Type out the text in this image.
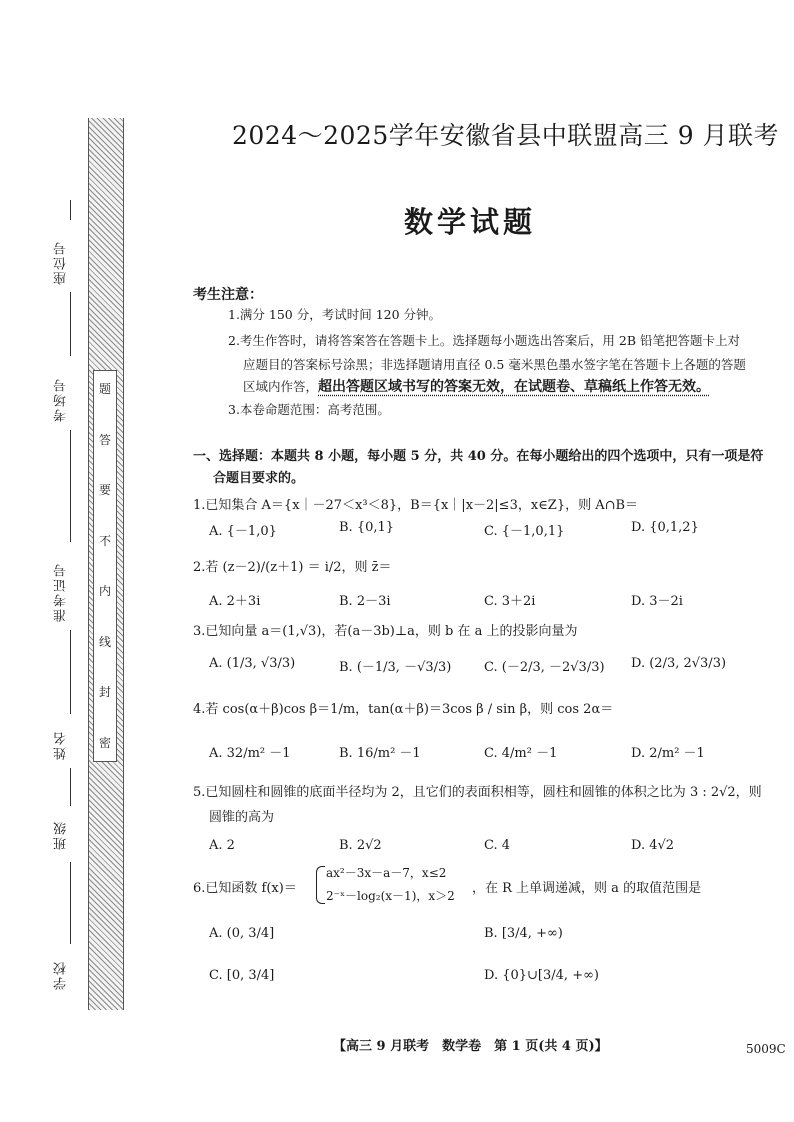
座位号
考场号
准考证号
姓名
班级
学校
题
答
要
不
内
线
封
密
2024～2025学年安徽省县中联盟高三 9 月联考
数学试题
考生注意：
1.满分 150 分，考试时间 120 分钟。
2.考生作答时，请将答案答在答题卡上。选择题每小题选出答案后，用 2B 铅笔把答题卡上对
应题目的答案标号涂黑；非选择题请用直径 0.5 毫米黑色墨水签字笔在答题卡上各题的答题
区域内作答，超出答题区域书写的答案无效，在试题卷、草稿纸上作答无效。
3.本卷命题范围：高考范围。
一、选择题：本题共 8 小题，每小题 5 分，共 40 分。在每小题给出的四个选项中，只有一项是符
合题目要求的。
1.已知集合 A＝{x｜－27＜x³＜8}，B＝{x｜|x－2|≤3，x∈Z}，则 A∩B＝
A. {－1,0}	B. {0,1}	C. {－1,0,1}	D. {0,1,2}
2.若 (z－2)/(z＋1) ＝ i/2，则 z̄＝
A. 2＋3i	B. 2－3i	C. 3＋2i	D. 3－2i
3.已知向量 a＝(1,√3)，若(a－3b)⊥a，则 b 在 a 上的投影向量为
A. (1/3, √3/3)	B. (－1/3, －√3/3)	C. (－2/3, －2√3/3) D. (2/3, 2√3/3)
4.若 cos(α＋β)cos β＝1/m，tan(α＋β)＝3cos β / sin β，则 cos 2α＝
A. 32/m² －1	B. 16/m² －1	C. 4/m² －1	D. 2/m² －1
5.已知圆柱和圆锥的底面半径均为 2，且它们的表面积相等，圆柱和圆锥的体积之比为 3 : 2√2，则
圆锥的高为
A. 2	B. 2√2	C. 4	D. 4√2
6.已知函数 f(x)＝
ax²－3x－a－7，x≤2
2⁻ˣ－log₂(x－1)，x＞2 ，在 R 上单调递减，则 a 的取值范围是
A. (0, 3/4]	B. [3/4, +∞)
C. [0, 3/4]	D. {0}∪[3/4, +∞)
【高三 9 月联考　数学卷　第 1 页(共 4 页)】	5009C
